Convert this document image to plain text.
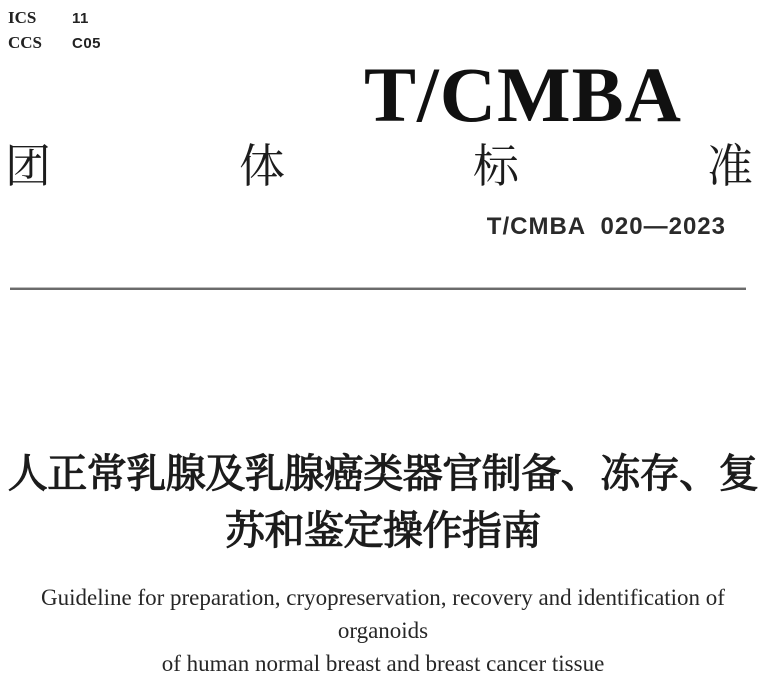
ICS	11
CCS	C05
T/CMBA
团	体	标	准
T/CMBA  020—2023
人正常乳腺及乳腺癌类器官制备、冻存、复
苏和鉴定操作指南
Guideline for preparation, cryopreservation, recovery and identification of organoids
of human normal breast and breast cancer tissue
